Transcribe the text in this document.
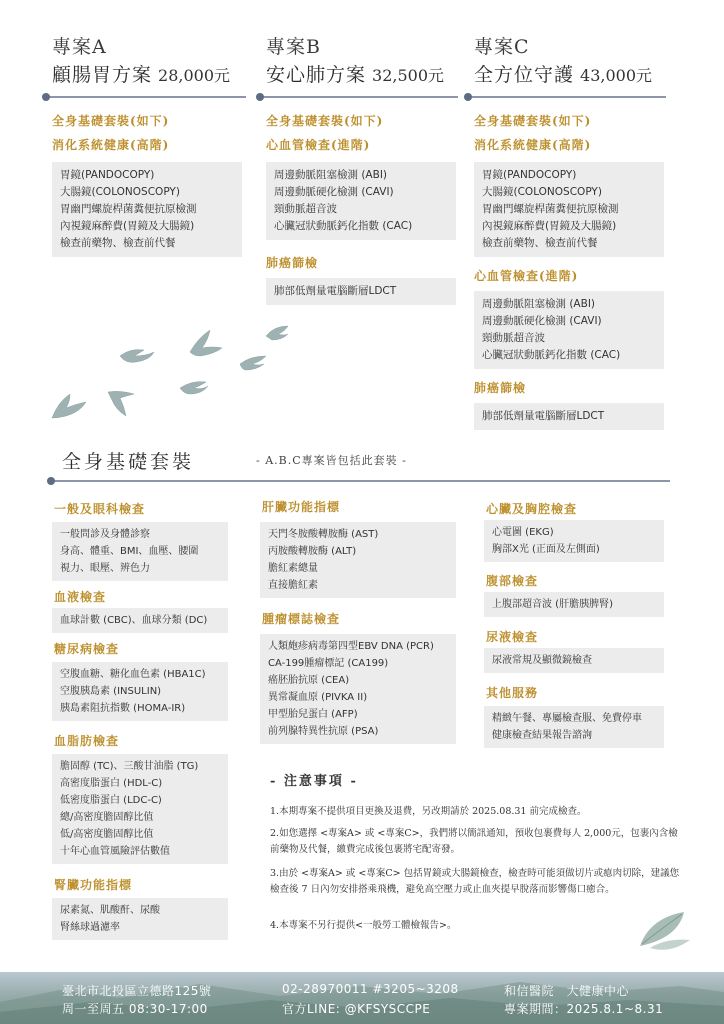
專案A
顧腸胃方案 28,000元
專案B
安心肺方案 32,500元
專案C
全方位守護 43,000元
全身基礎套裝(如下)
消化系統健康(高階)
胃鏡(PANDOCOPY)
大腸鏡(COLONOSCOPY)
胃幽門螺旋桿菌糞便抗原檢測
內視鏡麻醉費(胃鏡及大腸鏡)
檢查前藥物、檢查前代餐
全身基礎套裝(如下)
心血管檢查(進階)
周邊動脈阻塞檢測 (ABI)
周邊動脈硬化檢測 (CAVI)
頸動脈超音波
心臟冠狀動脈鈣化指數 (CAC)
肺癌篩檢
肺部低劑量電腦斷層LDCT
全身基礎套裝(如下)
消化系統健康(高階)
胃鏡(PANDOCOPY)
大腸鏡(COLONOSCOPY)
胃幽門螺旋桿菌糞便抗原檢測
內視鏡麻醉費(胃鏡及大腸鏡)
檢查前藥物、檢查前代餐
心血管檢查(進階)
周邊動脈阻塞檢測 (ABI)
周邊動脈硬化檢測 (CAVI)
頸動脈超音波
心臟冠狀動脈鈣化指數 (CAC)
肺癌篩檢
肺部低劑量電腦斷層LDCT
全身基礎套裝	- A.B.C專案皆包括此套裝 -
一般及眼科檢查
一般問診及身體診察
身高、體重、BMI、血壓、腰圍
視力、眼壓、辨色力
血液檢查
血球計數 (CBC)、血球分類 (DC)
糖尿病檢查
空腹血糖、糖化血色素 (HBA1C)
空腹胰島素 (INSULIN)
胰島素阻抗指數 (HOMA-IR)
血脂肪檢查
膽固醇 (TC)、三酸甘油脂 (TG)
高密度脂蛋白 (HDL-C)
低密度脂蛋白 (LDC-C)
總/高密度膽固醇比值
低/高密度膽固醇比值
十年心血管風險評估數值
腎臟功能指標
尿素氮、肌酸酐、尿酸
腎絲球過濾率
肝臟功能指標
天門冬胺酸轉胺酶 (AST)
丙胺酸轉胺酶 (ALT)
膽紅素總量
直接膽紅素
腫瘤標誌檢查
人類皰疹病毒第四型EBV DNA (PCR)
CA-199腫瘤標記 (CA199)
癌胚胎抗原 (CEA)
異常凝血原 (PIVKA II)
甲型胎兒蛋白 (AFP)
前列腺特異性抗原 (PSA)
心臟及胸腔檢查
心電圖 (EKG)
胸部X光 (正面及左側面)
腹部檢查
上腹部超音波 (肝膽胰脾腎)
尿液檢查
尿液常規及顯微鏡檢查
其他服務
精緻午餐、專屬檢查服、免費停車
健康檢查結果報告諮詢
- 注意事項 -
1.本期專案不提供項目更換及退費，另改期請於 2025.08.31 前完成檢查。
2.如您選擇 <專案A> 或 <專案C>，我們將以簡訊通知，預收包裹費每人 2,000元，包裹內含檢前藥物及代餐，繳費完成後包裹將宅配寄發。
3.由於 <專案A> 或 <專案C> 包括胃鏡或大腸鏡檢查，檢查時可能須做切片或瘜肉切除，建議您檢查後 7 日內勿安排搭乘飛機，避免高空壓力或止血夾提早脫落而影響傷口癒合。
4.本專案不另行提供<一般勞工體檢報告>。
臺北市北投區立德路125號
周一至周五 08:30-17:00
02-28970011 #3205~3208
官方LINE: @KFSYSCCPE
和信醫院　大健康中心
專案期間：2025.8.1~8.31
